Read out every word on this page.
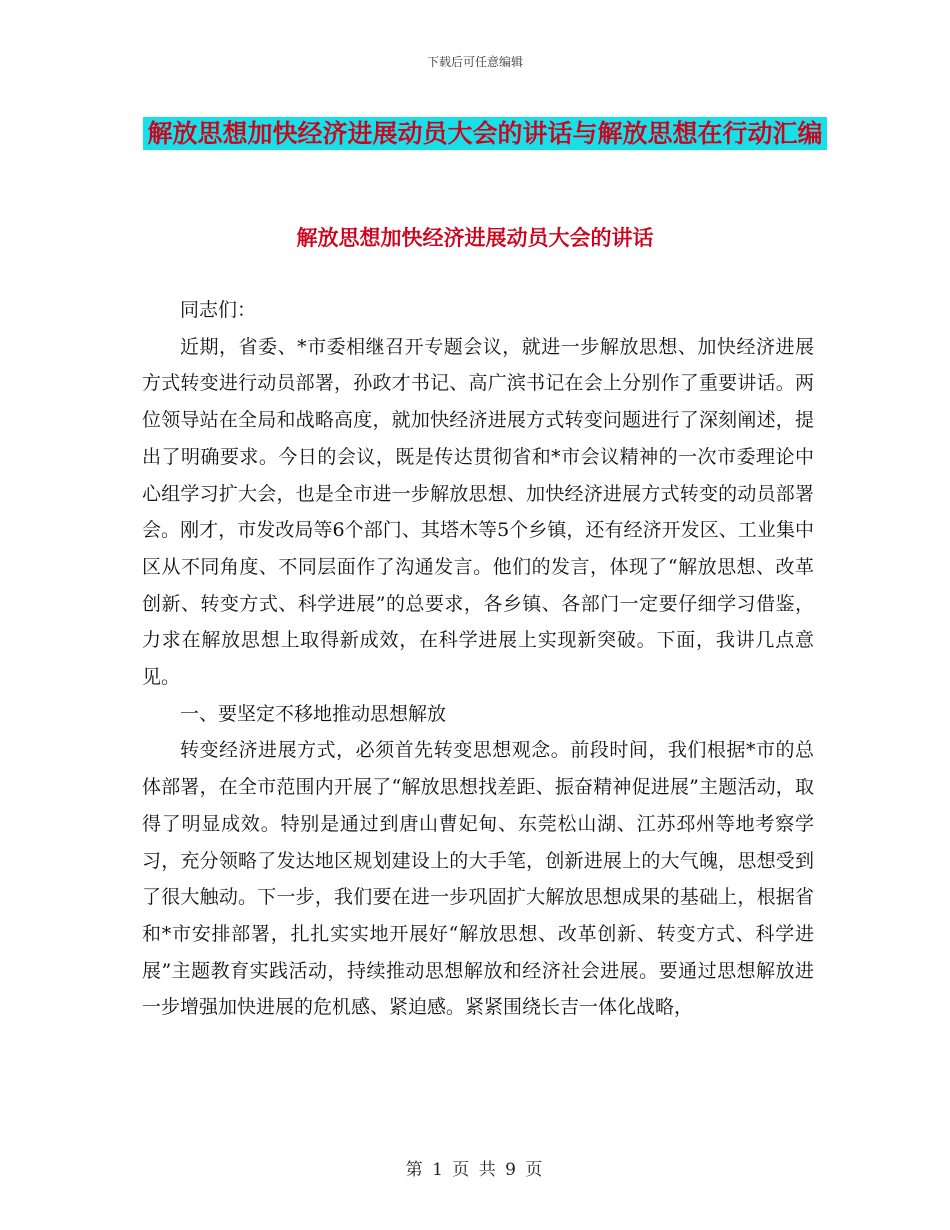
下载后可任意编辑
解放思想加快经济进展动员大会的讲话与解放思想在行动汇编
解放思想加快经济进展动员大会的讲话

同志们：

近期，省委、*市委相继召开专题会议，就进一步解放思想、加快经济进展方式转变进行动员部署，孙政才书记、高广滨书记在会上分别作了重要讲话。两位领导站在全局和战略高度，就加快经济进展方式转变问题进行了深刻阐述，提出了明确要求。今日的会议，既是传达贯彻省和*市会议精神的一次市委理论中心组学习扩大会，也是全市进一步解放思想、加快经济进展方式转变的动员部署会。刚才，市发改局等6个部门、其塔木等5个乡镇，还有经济开发区、工业集中区从不同角度、不同层面作了沟通发言。他们的发言，体现了“解放思想、改革创新、转变方式、科学进展”的总要求，各乡镇、各部门一定要仔细学习借鉴，力求在解放思想上取得新成效，在科学进展上实现新突破。下面，我讲几点意见。

一、要坚定不移地推动思想解放

转变经济进展方式，必须首先转变思想观念。前段时间，我们根据*市的总体部署，在全市范围内开展了“解放思想找差距、振奋精神促进展”主题活动，取得了明显成效。特别是通过到唐山曹妃甸、东莞松山湖、江苏邳州等地考察学习，充分领略了发达地区规划建设上的大手笔，创新进展上的大气魄，思想受到了很大触动。下一步，我们要在进一步巩固扩大解放思想成果的基础上，根据省和*市安排部署，扎扎实实地开展好“解放思想、改革创新、转变方式、科学进展”主题教育实践活动，持续推动思想解放和经济社会进展。要通过思想解放进一步增强加快进展的危机感、紧迫感。紧紧围绕长吉一体化战略，

第 1 页 共 9 页
